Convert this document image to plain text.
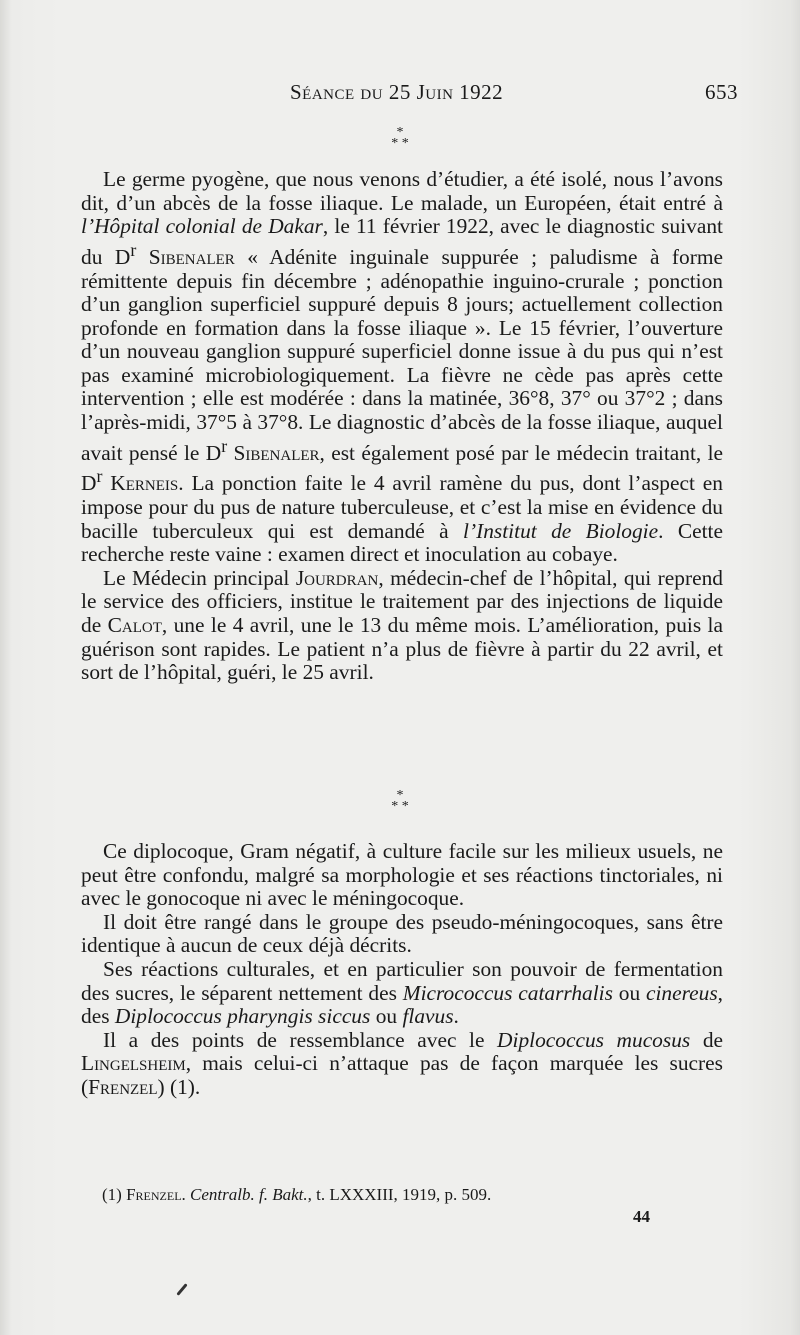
Séance du 25 Juin 1922	653
*
* *

Le germe pyogène, que nous venons d’étudier, a été isolé, nous l’avons dit, d’un abcès de la fosse iliaque. Le malade, un Européen, était entré à l’Hôpital colonial de Dakar, le 11 février 1922, avec le diagnostic suivant du $D^r$ Sibenaler « Adénite inguinale suppurée ; paludisme à forme rémittente depuis fin décembre ; adénopathie inguino-crurale ; ponction d’un ganglion superficiel suppuré depuis 8 jours; actuellement collection profonde en formation dans la fosse iliaque ». Le 15 février, l’ouverture d’un nouveau ganglion suppuré superficiel donne issue à du pus qui n’est pas examiné microbiologiquement. La fièvre ne cède pas après cette intervention ; elle est modérée : dans la matinée, 36°8, 37° ou 37°2 ; dans l’après-midi, 37°5 à 37°8. Le diagnostic d’abcès de la fosse iliaque, auquel avait pensé le $D^r$ Sibenaler, est également posé par le médecin traitant, le $D^r$ Kerneis. La ponction faite le 4 avril ramène du pus, dont l’aspect en impose pour du pus de nature tuberculeuse, et c’est la mise en évidence du bacille tuberculeux qui est demandé à l’Institut de Biologie. Cette recherche reste vaine : examen direct et inoculation au cobaye.

Le Médecin principal Jourdran, médecin-chef de l’hôpital, qui reprend le service des officiers, institue le traitement par des injections de liquide de Calot, une le 4 avril, une le 13 du même mois. L’amélioration, puis la guérison sont rapides. Le patient n’a plus de fièvre à partir du 22 avril, et sort de l’hôpital, guéri, le 25 avril.

*
* *

Ce diplocoque, Gram négatif, à culture facile sur les milieux usuels, ne peut être confondu, malgré sa morphologie et ses réactions tinctoriales, ni avec le gonocoque ni avec le méningocoque.

Il doit être rangé dans le groupe des pseudo-méningocoques, sans être identique à aucun de ceux déjà décrits.

Ses réactions culturales, et en particulier son pouvoir de fermentation des sucres, le séparent nettement des Micrococcus catarrhalis ou cinereus, des Diplococcus pharyngis siccus ou flavus.

Il a des points de ressemblance avec le Diplococcus mucosus de Lingelsheim, mais celui-ci n’attaque pas de façon marquée les sucres (Frenzel) (1).

(1) Frenzel. Centralb. f. Bakt., t. LXXXIII, 1919, p. 509.
44
